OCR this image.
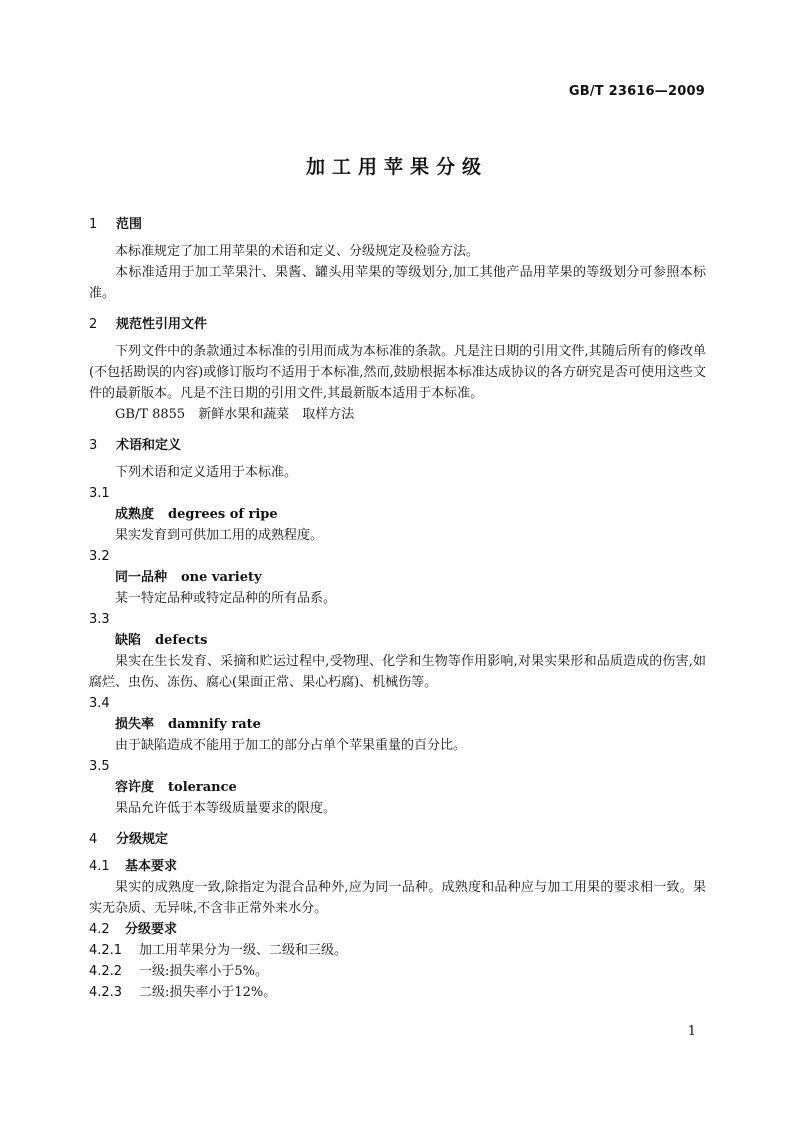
GB/T 23616—2009
加工用苹果分级
1 范围

本标准规定了加工用苹果的术语和定义、分级规定及检验方法。

本标准适用于加工苹果汁、果酱、罐头用苹果的等级划分,加工其他产品用苹果的等级划分可参照本标准。

2 规范性引用文件

下列文件中的条款通过本标准的引用而成为本标准的条款。凡是注日期的引用文件,其随后所有的修改单(不包括勘误的内容)或修订版均不适用于本标准,然而,鼓励根据本标准达成协议的各方研究是否可使用这些文件的最新版本。凡是不注日期的引用文件,其最新版本适用于本标准。

GB/T 8855　新鲜水果和蔬菜　取样方法

3 术语和定义

下列术语和定义适用于本标准。

3.1
成熟度 degrees of ripe

果实发育到可供加工用的成熟程度。

3.2
同一品种 one variety

某一特定品种或特定品种的所有品系。

3.3
缺陷 defects

果实在生长发育、采摘和贮运过程中,受物理、化学和生物等作用影响,对果实果形和品质造成的伤害,如腐烂、虫伤、冻伤、腐心(果面正常、果心朽腐)、机械伤等。

3.4
损失率 damnify rate

由于缺陷造成不能用于加工的部分占单个苹果重量的百分比。

3.5
容许度 tolerance

果品允许低于本等级质量要求的限度。

4 分级规定
4.1 基本要求

果实的成熟度一致,除指定为混合品种外,应为同一品种。成熟度和品种应与加工用果的要求相一致。果实无杂质、无异味,不含非正常外来水分。

4.2 分级要求
4.2.1 加工用苹果分为一级、二级和三级。
4.2.2 一级:损失率小于5%。
4.2.3 二级:损失率小于12%。
1
